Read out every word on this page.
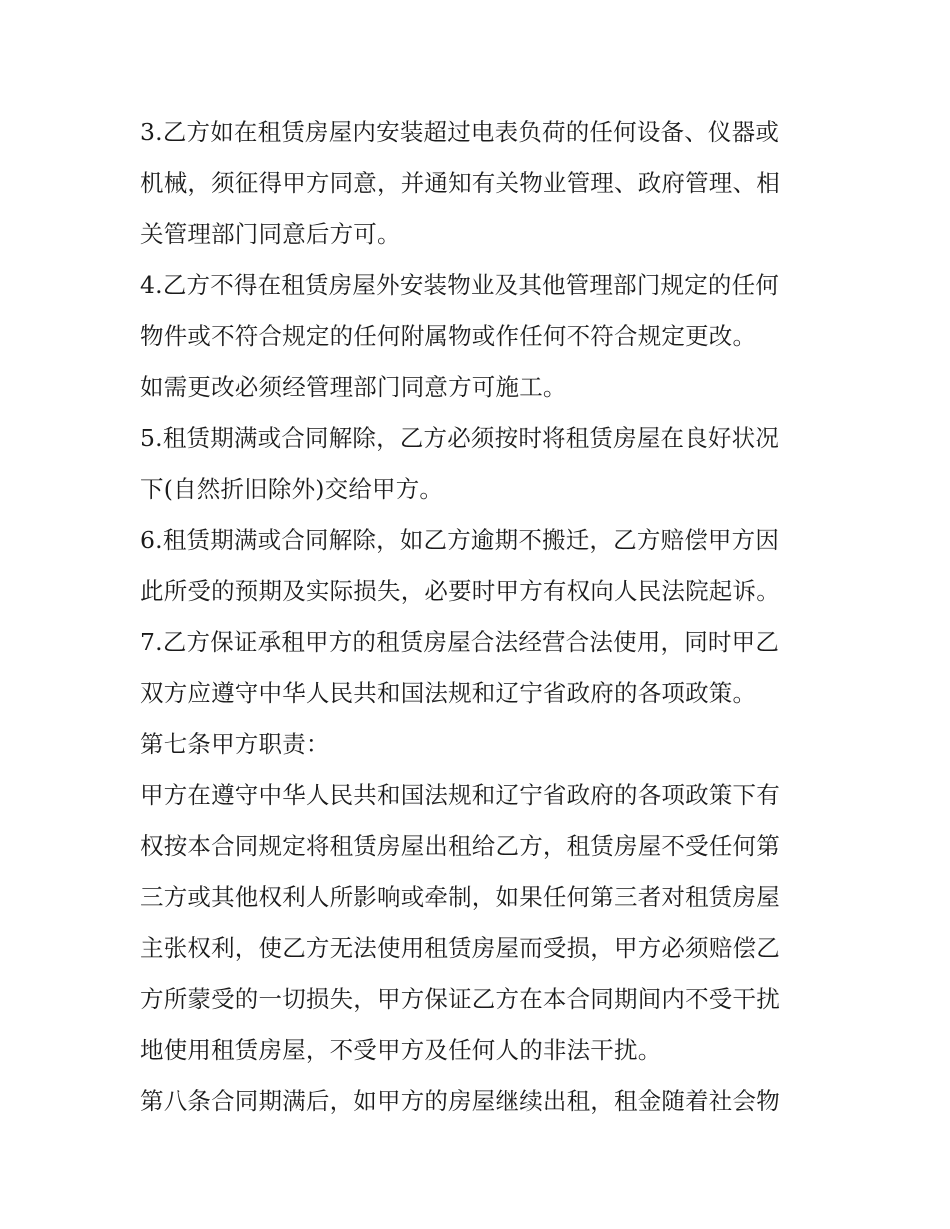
3.乙方如在租赁房屋内安装超过电表负荷的任何设备、仪器或
机械，须征得甲方同意，并通知有关物业管理、政府管理、相
关管理部门同意后方可。
4.乙方不得在租赁房屋外安装物业及其他管理部门规定的任何
物件或不符合规定的任何附属物或作任何不符合规定更改。
如需更改必须经管理部门同意方可施工。
5.租赁期满或合同解除，乙方必须按时将租赁房屋在良好状况
下(自然折旧除外)交给甲方。
6.租赁期满或合同解除，如乙方逾期不搬迁，乙方赔偿甲方因
此所受的预期及实际损失，必要时甲方有权向人民法院起诉。
7.乙方保证承租甲方的租赁房屋合法经营合法使用，同时甲乙
双方应遵守中华人民共和国法规和辽宁省政府的各项政策。
第七条甲方职责：
甲方在遵守中华人民共和国法规和辽宁省政府的各项政策下有
权按本合同规定将租赁房屋出租给乙方，租赁房屋不受任何第
三方或其他权利人所影响或牵制，如果任何第三者对租赁房屋
主张权利，使乙方无法使用租赁房屋而受损，甲方必须赔偿乙
方所蒙受的一切损失，甲方保证乙方在本合同期间内不受干扰
地使用租赁房屋，不受甲方及任何人的非法干扰。
第八条合同期满后，如甲方的房屋继续出租，租金随着社会物
